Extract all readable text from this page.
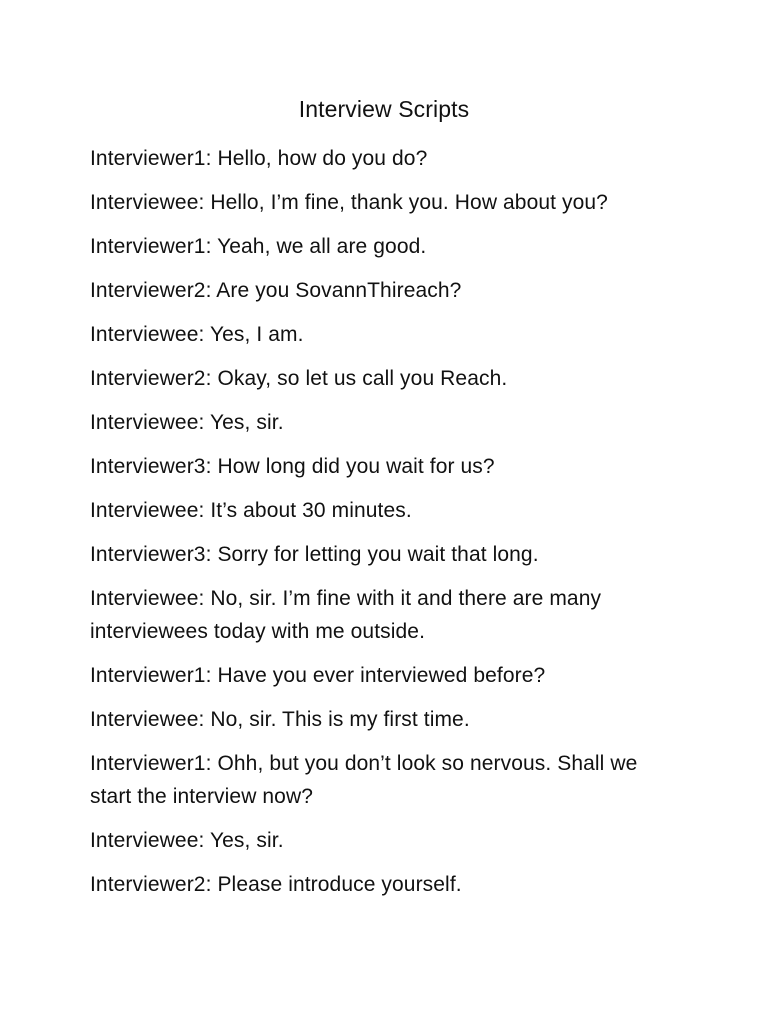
Interview Scripts
Interviewer1: Hello, how do you do?
Interviewee: Hello, I’m fine, thank you. How about you?
Interviewer1: Yeah, we all are good.
Interviewer2: Are you SovannThireach?
Interviewee: Yes, I am.
Interviewer2: Okay, so let us call you Reach.
Interviewee: Yes, sir.
Interviewer3: How long did you wait for us?
Interviewee: It’s about 30 minutes.
Interviewer3: Sorry for letting you wait that long.
Interviewee: No, sir. I’m fine with it and there are many interviewees today with me outside.
Interviewer1: Have you ever interviewed before?
Interviewee: No, sir. This is my first time.
Interviewer1: Ohh, but you don’t look so nervous. Shall we start the interview now?
Interviewee: Yes, sir.
Interviewer2: Please introduce yourself.
